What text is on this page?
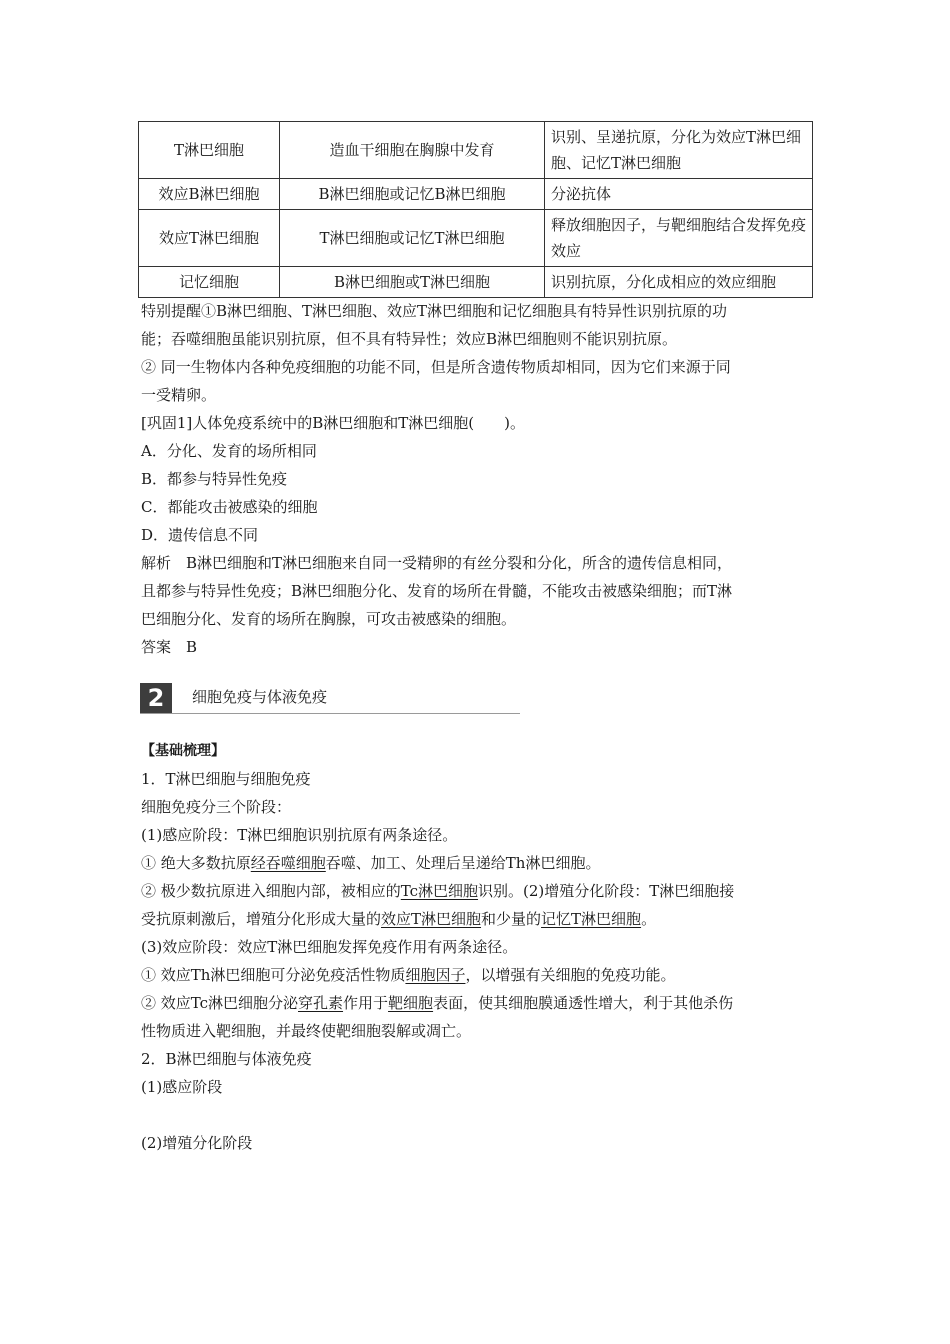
T淋巴细胞	造血干细胞在胸腺中发育	识别、呈递抗原，分化为效应T淋巴细胞、记忆T淋巴细胞
效应B淋巴细胞	B淋巴细胞或记忆B淋巴细胞	分泌抗体
效应T淋巴细胞	T淋巴细胞或记忆T淋巴细胞	释放细胞因子，与靶细胞结合发挥免疫效应
记忆细胞	B淋巴细胞或T淋巴细胞	识别抗原，分化成相应的效应细胞
特别提醒①B淋巴细胞、T淋巴细胞、效应T淋巴细胞和记忆细胞具有特异性识别抗原的功
能；吞噬细胞虽能识别抗原，但不具有特异性；效应B淋巴细胞则不能识别抗原。
② 同一生物体内各种免疫细胞的功能不同，但是所含遗传物质却相同，因为它们来源于同
一受精卵。
[巩固1]人体免疫系统中的B淋巴细胞和T淋巴细胞(　　)。
A．分化、发育的场所相同
B．都参与特异性免疫
C．都能攻击被感染的细胞
D．遗传信息不同
解析　B淋巴细胞和T淋巴细胞来自同一受精卵的有丝分裂和分化，所含的遗传信息相同，
且都参与特异性免疫；B淋巴细胞分化、发育的场所在骨髓，不能攻击被感染细胞；而T淋
巴细胞分化、发育的场所在胸腺，可攻击被感染的细胞。
答案　B
2	细胞免疫与体液免疫
【基础梳理】
1．T淋巴细胞与细胞免疫
细胞免疫分三个阶段：
(1)感应阶段：T淋巴细胞识别抗原有两条途径。
① 绝大多数抗原经吞噬细胞吞噬、加工、处理后呈递给Th淋巴细胞。
② 极少数抗原进入细胞内部，被相应的Tc淋巴细胞识别。(2)增殖分化阶段：T淋巴细胞接
受抗原刺激后，增殖分化形成大量的效应T淋巴细胞和少量的记忆T淋巴细胞。
(3)效应阶段：效应T淋巴细胞发挥免疫作用有两条途径。
① 效应Th淋巴细胞可分泌免疫活性物质细胞因子，以增强有关细胞的免疫功能。
② 效应Tc淋巴细胞分泌穿孔素作用于靶细胞表面，使其细胞膜通透性增大，利于其他杀伤
性物质进入靶细胞，并最终使靶细胞裂解或凋亡。
2．B淋巴细胞与体液免疫
(1)感应阶段
(2)增殖分化阶段
